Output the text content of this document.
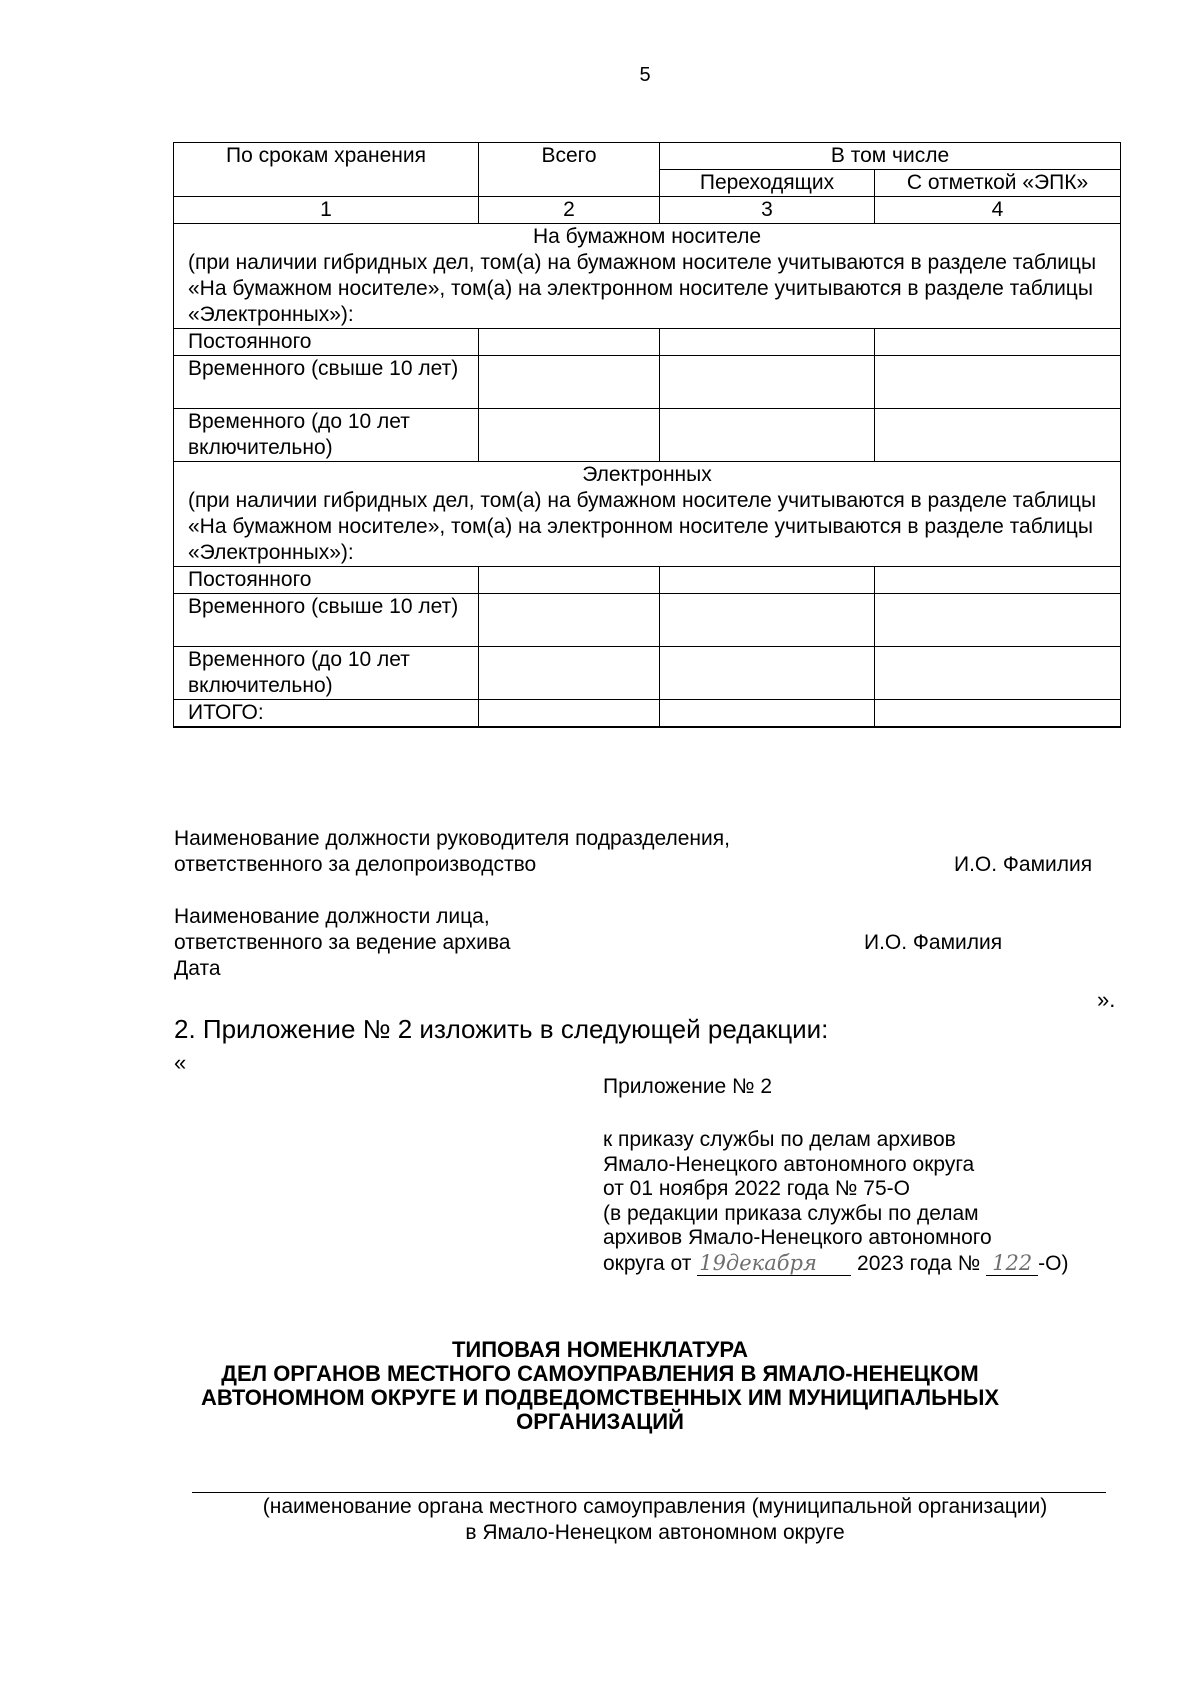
5
По срокам хранения	Всего	В том числе	
		Переходящих	С отметкой «ЭПК»
1	2	3	4

На бумажном носителе
(при наличии гибридных дел, том(а) на бумажном носителе учитываются в разделе таблицы «На бумажном носителе», том(а) на электронном носителе учитываются в разделе таблицы «Электронных»):			

Постоянного			
Временного (свыше 10 лет)			
Временного (до 10 лет включительно)			

Электронных
(при наличии гибридных дел, том(а) на бумажном носителе учитываются в разделе таблицы «На бумажном носителе», том(а) на электронном носителе учитываются в разделе таблицы «Электронных»):			

Постоянного			
Временного (свыше 10 лет)			
Временного (до 10 лет включительно)			
ИТОГО:			
Наименование должности руководителя подразделения,
ответственного за делопроизводство	И.О. Фамилия
Наименование должности лица,
ответственного за ведение архива
Дата
И.О. Фамилия
».
2. Приложение № 2 изложить в следующей редакции:
«
Приложение № 2
к приказу службы по делам архивов
Ямало-Ненецкого автономного округа
от 01 ноября 2022 года № 75-О
(в редакции приказа службы по делам
архивов Ямало-Ненецкого автономного
округа от 19декабря 2023 года № 122 -О)
ТИПОВАЯ НОМЕНКЛАТУРА
ДЕЛ ОРГАНОВ МЕСТНОГО САМОУПРАВЛЕНИЯ В ЯМАЛО-НЕНЕЦКОМ
АВТОНОМНОМ ОКРУГЕ И ПОДВЕДОМСТВЕННЫХ ИМ МУНИЦИПАЛЬНЫХ
ОРГАНИЗАЦИЙ
(наименование органа местного самоуправления (муниципальной организации)
в Ямало-Ненецком автономном округе
